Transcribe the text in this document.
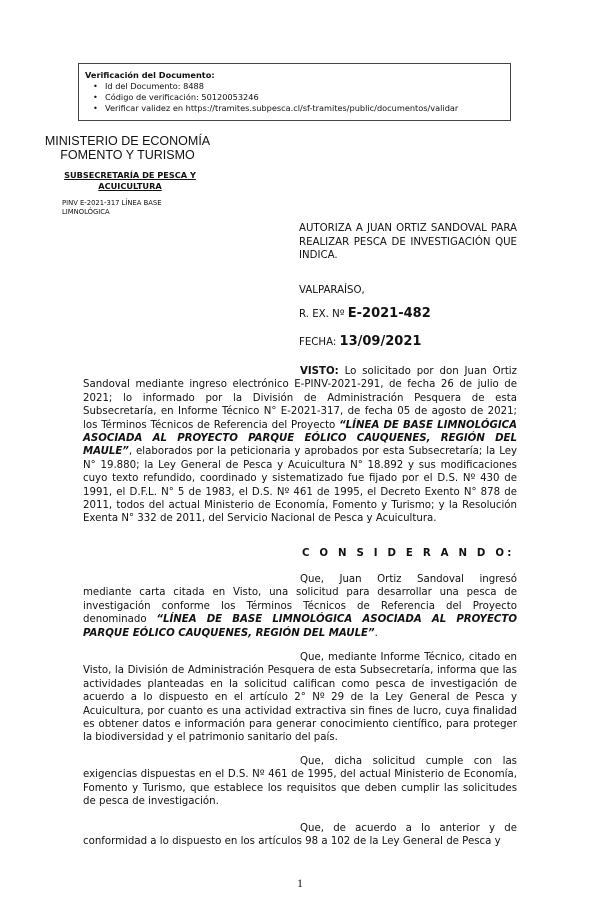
Verificación del Documento:
• Id del Documento: 8488
• Código de verificación: 50120053246
• Verificar validez en https://tramites.subpesca.cl/sf-tramites/public/documentos/validar
MINISTERIO DE ECONOMÍA
FOMENTO Y TURISMO
SUBSECRETARÍA DE PESCA Y
ACUICULTURA
PINV E-2021-317 LÍNEA BASE
LIMNOLÓGICA
AUTORIZA A JUAN ORTIZ SANDOVAL PARA REALIZAR PESCA DE INVESTIGACIÓN QUE INDICA.
VALPARAÍSO,
R. EX. Nº E-2021-482
FECHA: 13/09/2021
VISTO: Lo solicitado por don Juan Ortiz Sandoval mediante ingreso electrónico E-PINV-2021-291, de fecha 26 de julio de 2021; lo informado por la División de Administración Pesquera de esta Subsecretaría, en Informe Técnico N° E-2021-317, de fecha 05 de agosto de 2021; los Términos Técnicos de Referencia del Proyecto “LÍNEA DE BASE LIMNOLÓGICA ASOCIADA AL PROYECTO PARQUE EÓLICO CAUQUENES, REGIÓN DEL MAULE”, elaborados por la peticionaria y aprobados por esta Subsecretaría; la Ley N° 19.880; la Ley General de Pesca y Acuicultura N° 18.892 y sus modificaciones cuyo texto refundido, coordinado y sistematizado fue fijado por el D.S. Nº 430 de 1991, el D.F.L. N° 5 de 1983, el D.S. Nº 461 de 1995, el Decreto Exento N° 878 de 2011, todos del actual Ministerio de Economía, Fomento y Turismo; y la Resolución Exenta N° 332 de 2011, del Servicio Nacional de Pesca y Acuicultura.
C O N S I D E R A N D O:
Que, Juan Ortiz Sandoval ingresó mediante carta citada en Visto, una solicitud para desarrollar una pesca de investigación conforme los Términos Técnicos de Referencia del Proyecto denominado “LÍNEA DE BASE LIMNOLÓGICA ASOCIADA AL PROYECTO PARQUE EÓLICO CAUQUENES, REGIÓN DEL MAULE”.
Que, mediante Informe Técnico, citado en Visto, la División de Administración Pesquera de esta Subsecretaría, informa que las actividades planteadas en la solicitud califican como pesca de investigación de acuerdo a lo dispuesto en el artículo 2° Nº 29 de la Ley General de Pesca y Acuicultura, por cuanto es una actividad extractiva sin fines de lucro, cuya finalidad es obtener datos e información para generar conocimiento científico, para proteger la biodiversidad y el patrimonio sanitario del país.
Que, dicha solicitud cumple con las exigencias dispuestas en el D.S. Nº 461 de 1995, del actual Ministerio de Economía, Fomento y Turismo, que establece los requisitos que deben cumplir las solicitudes de pesca de investigación.
Que, de acuerdo a lo anterior y de conformidad a lo dispuesto en los artículos 98 a 102 de la Ley General de Pesca y
1
